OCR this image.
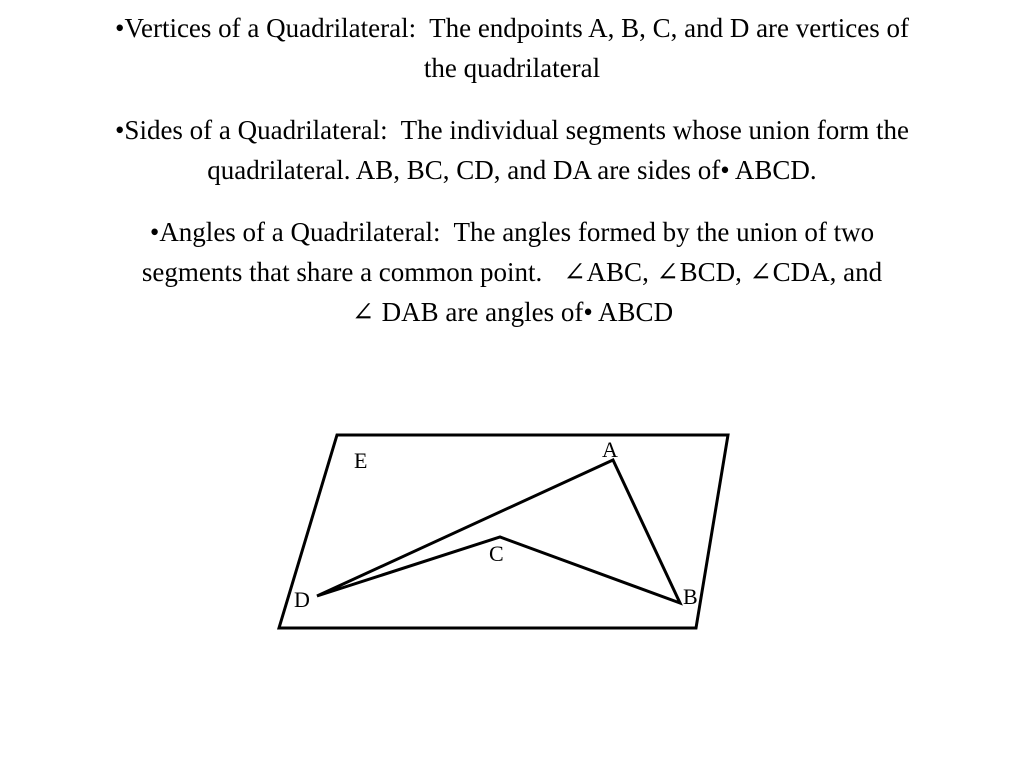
•Vertices of a Quadrilateral: The endpoints A, B, C, and D are vertices of
the quadrilateral

•Sides of a Quadrilateral: The individual segments whose union form the
quadrilateral. AB, BC, CD, and DA are sides of• ABCD.

•Angles of a Quadrilateral: The angles formed by the union of two
segments that share a common point. ∠ABC, ∠BCD, ∠CDA, and
∠ DAB are angles of• ABCD

E	A
B
C
D
